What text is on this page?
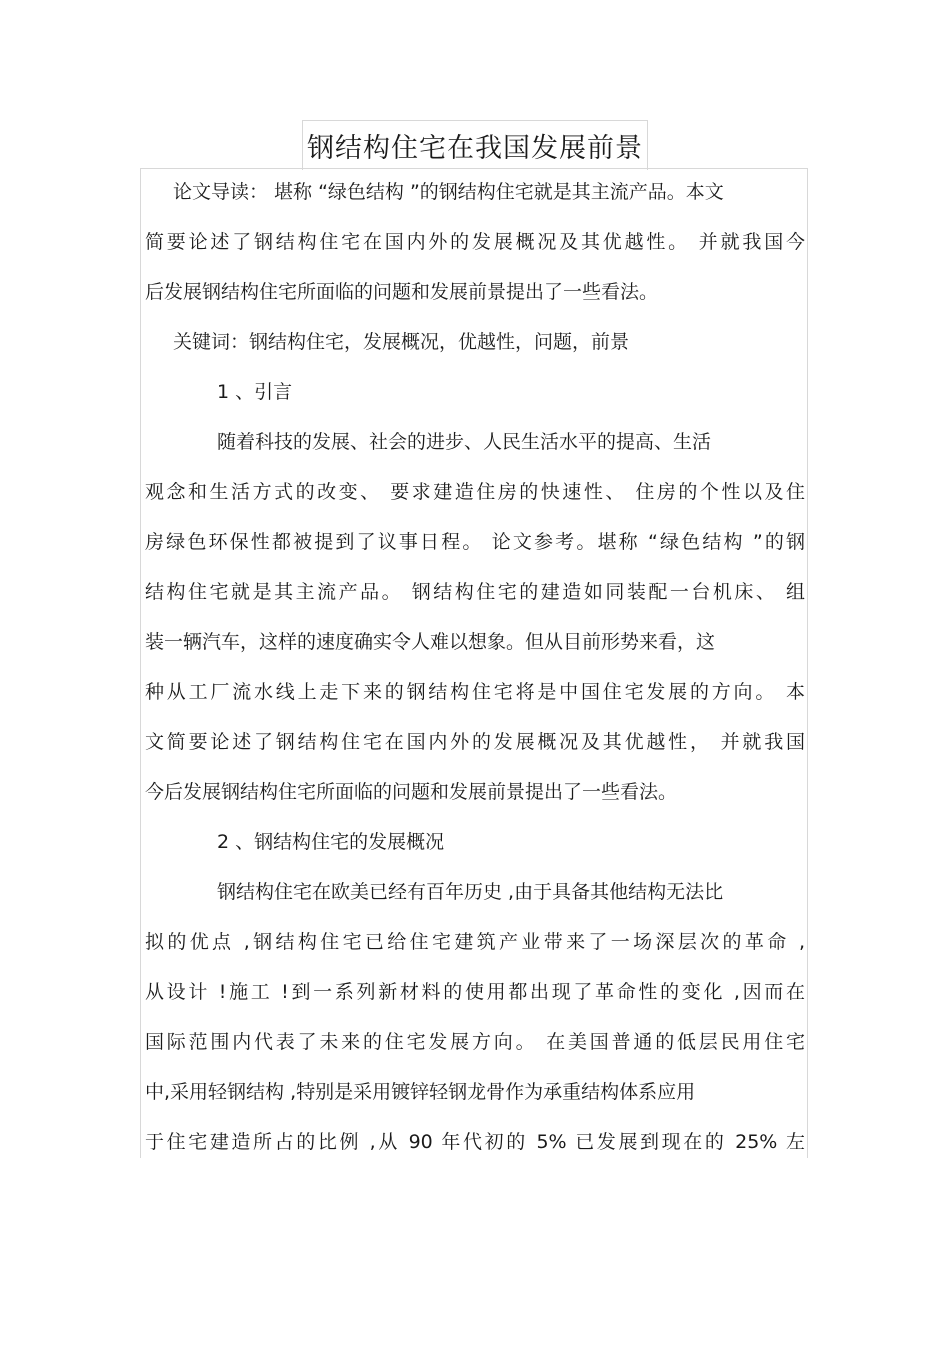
钢结构住宅在我国发展前景
论文导读： 堪称 “绿色结构 ”的钢结构住宅就是其主流产品。本文
简要论述了钢结构住宅在国内外的发展概况及其优越性。 并就我国今
后发展钢结构住宅所面临的问题和发展前景提出了一些看法。
关键词：钢结构住宅，发展概况，优越性，问题，前景
1 、引言
随着科技的发展、社会的进步、人民生活水平的提高、生活
观念和生活方式的改变、 要求建造住房的快速性、 住房的个性以及住
房绿色环保性都被提到了议事日程。 论文参考。堪称 “绿色结构 ”的钢
结构住宅就是其主流产品。 钢结构住宅的建造如同装配一台机床、 组
装一辆汽车，这样的速度确实令人难以想象。但从目前形势来看，这
种从工厂流水线上走下来的钢结构住宅将是中国住宅发展的方向。 本
文简要论述了钢结构住宅在国内外的发展概况及其优越性， 并就我国
今后发展钢结构住宅所面临的问题和发展前景提出了一些看法。
2 、钢结构住宅的发展概况
钢结构住宅在欧美已经有百年历史 ,由于具备其他结构无法比
拟的优点 ,钢结构住宅已给住宅建筑产业带来了一场深层次的革命 ,
从设计 !施工 !到一系列新材料的使用都出现了革命性的变化 ,因而在
国际范围内代表了未来的住宅发展方向。 在美国普通的低层民用住宅
中,采用轻钢结构 ,特别是采用镀锌轻钢龙骨作为承重结构体系应用
于住宅建造所占的比例 ,从 90 年代初的 5% 已发展到现在的 25% 左
